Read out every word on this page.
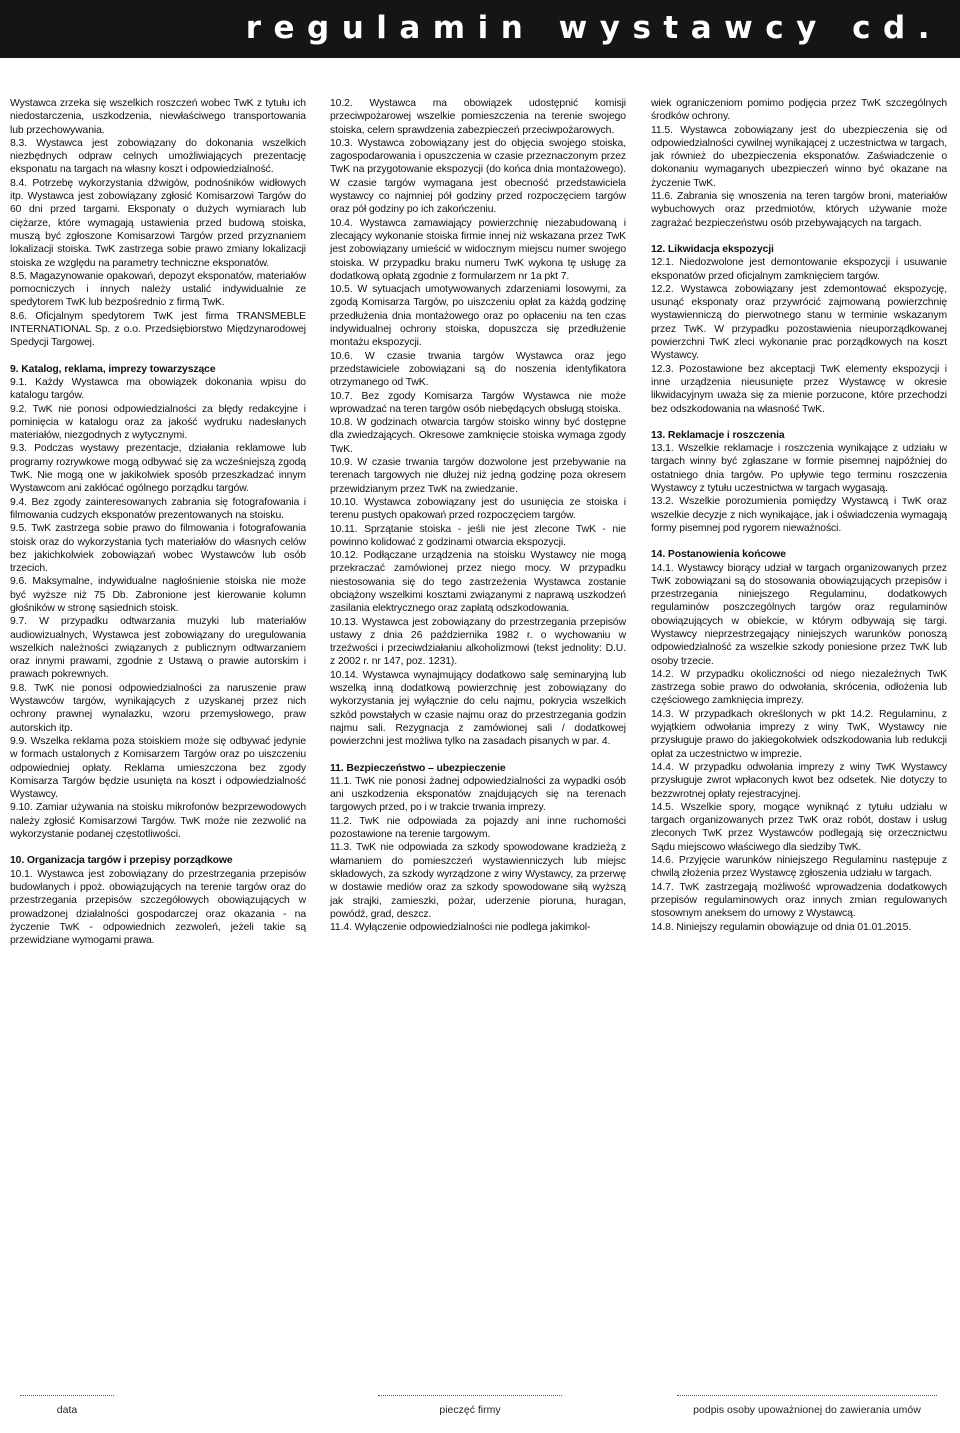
regulamin wystawcy cd.

Wystawca zrzeka się wszelkich roszczeń wobec TwK z tytułu ich niedostarczenia, uszkodzenia, niewłaściwego transportowania lub przechowywania.

8.3. Wystawca jest zobowiązany do dokonania wszelkich niezbędnych odpraw celnych umożliwiających prezentację eksponatu na targach na własny koszt i odpowiedzialność.

8.4. Potrzebę wykorzystania dźwigów, podnośników widłowych itp. Wystawca jest zobowiązany zgłosić Komisarzowi Targów do 60 dni przed targami. Eksponaty o dużych wymiarach lub ciężarze, które wymagają ustawienia przed budową stoiska, muszą być zgłoszone Komisarzowi Targów przed przyznaniem lokalizacji stoiska. TwK zastrzega sobie prawo zmiany lokalizacji stoiska ze względu na parametry techniczne eksponatów.

8.5. Magazynowanie opakowań, depozyt eksponatów, materiałów pomocniczych i innych należy ustalić indywidualnie ze spedytorem TwK lub bezpośrednio z firmą TwK.

8.6. Oficjalnym spedytorem TwK jest firma TRANSMEBLE INTERNATIONAL Sp. z o.o. Przedsiębiorstwo Międzynarodowej Spedycji Targowej.

9. Katalog, reklama, imprezy towarzyszące

9.1. Każdy Wystawca ma obowiązek dokonania wpisu do katalogu targów.

9.2. TwK nie ponosi odpowiedzialności za błędy redakcyjne i pominięcia w katalogu oraz za jakość wydruku nadesłanych materiałów, niezgodnych z wytycznymi.

9.3. Podczas wystawy prezentacje, działania reklamowe lub programy rozrywkowe mogą odbywać się za wcześniejszą zgodą TwK. Nie mogą one w jakikolwiek sposób przeszkadzać innym Wystawcom ani zakłócać ogólnego porządku targów.

9.4. Bez zgody zainteresowanych zabrania się fotografowania i filmowania cudzych eksponatów prezentowanych na stoisku.

9.5. TwK zastrzega sobie prawo do filmowania i fotografowania stoisk oraz do wykorzystania tych materiałów do własnych celów bez jakichkolwiek zobowiązań wobec Wystawców lub osób trzecich.

9.6. Maksymalne, indywidualne nagłośnienie stoiska nie może być wyższe niż 75 Db. Zabronione jest kierowanie kolumn głośników w stronę sąsiednich stoisk.

9.7. W przypadku odtwarzania muzyki lub materiałów audiowizualnych, Wystawca jest zobowiązany do uregulowania wszelkich należności związanych z publicznym odtwarzaniem oraz innymi prawami, zgodnie z Ustawą o prawie autorskim i prawach pokrewnych.

9.8. TwK nie ponosi odpowiedzialności za naruszenie praw Wystawców targów, wynikających z uzyskanej przez nich ochrony prawnej wynalazku, wzoru przemysłowego, praw autorskich itp.

9.9. Wszelka reklama poza stoiskiem może się odbywać jedynie w formach ustalonych z Komisarzem Targów oraz po uiszczeniu odpowiedniej opłaty. Reklama umieszczona bez zgody Komisarza Targów będzie usunięta na koszt i odpowiedzialność Wystawcy.

9.10. Zamiar używania na stoisku mikrofonów bezprzewodowych należy zgłosić Komisarzowi Targów. TwK może nie zezwolić na wykorzystanie podanej częstotliwości.

10. Organizacja targów i przepisy porządkowe

10.1. Wystawca jest zobowiązany do przestrzegania przepisów budowlanych i ppoż. obowiązujących na terenie targów oraz do przestrzegania przepisów szczegółowych obowiązujących w prowadzonej działalności gospodarczej oraz okazania - na życzenie TwK - odpowiednich zezwoleń, jeżeli takie są przewidziane wymogami prawa.

10.2. Wystawca ma obowiązek udostępnić komisji przeciwpożarowej wszelkie pomieszczenia na terenie swojego stoiska, celem sprawdzenia zabezpieczeń przeciwpożarowych.

10.3. Wystawca zobowiązany jest do objęcia swojego stoiska, zagospodarowania i opuszczenia w czasie przeznaczonym przez TwK na przygotowanie ekspozycji (do końca dnia montażowego). W czasie targów wymagana jest obecność przedstawiciela wystawcy co najmniej pół godziny przed rozpoczęciem targów oraz pół godziny po ich zakończeniu.

10.4. Wystawca zamawiający powierzchnię niezabudowaną i zlecający wykonanie stoiska firmie innej niż wskazana przez TwK jest zobowiązany umieścić w widocznym miejscu numer swojego stoiska. W przypadku braku numeru TwK wykona tę usługę za dodatkową opłatą zgodnie z formularzem nr 1a pkt 7.

10.5. W sytuacjach umotywowanych zdarzeniami losowymi, za zgodą Komisarza Targów, po uiszczeniu opłat za każdą godzinę przedłużenia dnia montażowego oraz po opłaceniu na ten czas indywidualnej ochrony stoiska, dopuszcza się przedłużenie montażu ekspozycji.

10.6. W czasie trwania targów Wystawca oraz jego przedstawiciele zobowiązani są do noszenia identyfikatora otrzymanego od TwK.

10.7. Bez zgody Komisarza Targów Wystawca nie może wprowadzać na teren targów osób niebędących obsługą stoiska.

10.8. W godzinach otwarcia targów stoisko winny być dostępne dla zwiedzających. Okresowe zamknięcie stoiska wymaga zgody TwK.

10.9. W czasie trwania targów dozwolone jest przebywanie na terenach targowych nie dłużej niż jedną godzinę poza okresem przewidzianym przez TwK na zwiedzanie.

10.10. Wystawca zobowiązany jest do usunięcia ze stoiska i terenu pustych opakowań przed rozpoczęciem targów.

10.11. Sprzątanie stoiska - jeśli nie jest zlecone TwK - nie powinno kolidować z godzinami otwarcia ekspozycji.

10.12. Podłączane urządzenia na stoisku Wystawcy nie mogą przekraczać zamówionej przez niego mocy. W przypadku niestosowania się do tego zastrzeżenia Wystawca zostanie obciążony wszelkimi kosztami związanymi z naprawą uszkodzeń zasilania elektrycznego oraz zapłatą odszkodowania.

10.13. Wystawca jest zobowiązany do przestrzegania przepisów ustawy z dnia 26 października 1982 r. o wychowaniu w trzeźwości i przeciwdziałaniu alkoholizmowi (tekst jednolity: D.U. z 2002 r. nr 147, poz. 1231).

10.14. Wystawca wynajmujący dodatkowo salę seminaryjną lub wszelką inną dodatkową powierzchnię jest zobowiązany do wykorzystania jej wyłącznie do celu najmu, pokrycia wszelkich szkód powstałych w czasie najmu oraz do przestrzegania godzin najmu sali. Rezygnacja z zamówionej sali / dodatkowej powierzchni jest możliwa tylko na zasadach pisanych w par. 4.

11. Bezpieczeństwo – ubezpieczenie

11.1. TwK nie ponosi żadnej odpowiedzialności za wypadki osób ani uszkodzenia eksponatów znajdujących się na terenach targowych przed, po i w trakcie trwania imprezy.

11.2. TwK nie odpowiada za pojazdy ani inne ruchomości pozostawione na terenie targowym.

11.3. TwK nie odpowiada za szkody spowodowane kradzieżą z włamaniem do pomieszczeń wystawienniczych lub miejsc składowych, za szkody wyrządzone z winy Wystawcy, za przerwę w dostawie mediów oraz za szkody spowodowane siłą wyższą jak strajki, zamieszki, pożar, uderzenie pioruna, huragan, powódź, grad, deszcz.

11.4. Wyłączenie odpowiedzialności nie podlega jakimkol-

wiek ograniczeniom pomimo podjęcia przez TwK szczególnych środków ochrony.

11.5. Wystawca zobowiązany jest do ubezpieczenia się od odpowiedzialności cywilnej wynikającej z uczestnictwa w targach, jak również do ubezpieczenia eksponatów. Zaświadczenie o dokonaniu wymaganych ubezpieczeń winno być okazane na życzenie TwK.

11.6. Zabrania się wnoszenia na teren targów broni, materiałów wybuchowych oraz przedmiotów, których używanie może zagrażać bezpieczeństwu osób przebywających na targach.

12. Likwidacja ekspozycji

12.1. Niedozwolone jest demontowanie ekspozycji i usuwanie eksponatów przed oficjalnym zamknięciem targów.

12.2. Wystawca zobowiązany jest zdemontować ekspozycję, usunąć eksponaty oraz przywrócić zajmowaną powierzchnię wystawienniczą do pierwotnego stanu w terminie wskazanym przez TwK. W przypadku pozostawienia nieuporządkowanej powierzchni TwK zleci wykonanie prac porządkowych na koszt Wystawcy.

12.3. Pozostawione bez akceptacji TwK elementy ekspozycji i inne urządzenia nieusunięte przez Wystawcę w okresie likwidacyjnym uważa się za mienie porzucone, które przechodzi bez odszkodowania na własność TwK.

13. Reklamacje i roszczenia

13.1. Wszelkie reklamacje i roszczenia wynikające z udziału w targach winny być zgłaszane w formie pisemnej najpóźniej do ostatniego dnia targów. Po upływie tego terminu roszczenia Wystawcy z tytułu uczestnictwa w targach wygasają.

13.2. Wszelkie porozumienia pomiędzy Wystawcą i TwK oraz wszelkie decyzje z nich wynikające, jak i oświadczenia wymagają formy pisemnej pod rygorem nieważności.

14. Postanowienia końcowe

14.1. Wystawcy biorący udział w targach organizowanych przez TwK zobowiązani są do stosowania obowiązujących przepisów i przestrzegania niniejszego Regulaminu, dodatkowych regulaminów poszczególnych targów oraz regulaminów obowiązujących w obiekcie, w którym odbywają się targi. Wystawcy nieprzestrzegający niniejszych warunków ponoszą odpowiedzialność za wszelkie szkody poniesione przez TwK lub osoby trzecie.

14.2. W przypadku okoliczności od niego niezależnych TwK zastrzega sobie prawo do odwołania, skrócenia, odłożenia lub częściowego zamknięcia imprezy.

14.3. W przypadkach określonych w pkt 14.2. Regulaminu, z wyjątkiem odwołania imprezy z winy TwK, Wystawcy nie przysługuje prawo do jakiegokolwiek odszkodowania lub redukcji opłat za uczestnictwo w imprezie.

14.4. W przypadku odwołania imprezy z winy TwK Wystawcy przysługuje zwrot wpłaconych kwot bez odsetek. Nie dotyczy to bezzwrotnej opłaty rejestracyjnej.

14.5. Wszelkie spory, mogące wyniknąć z tytułu udziału w targach organizowanych przez TwK oraz robót, dostaw i usług zleconych TwK przez Wystawców podlegają się orzecznictwu Sądu miejscowo właściwego dla siedziby TwK.

14.6. Przyjęcie warunków niniejszego Regulaminu następuje z chwilą złożenia przez Wystawcę zgłoszenia udziału w targach.

14.7. TwK zastrzegają możliwość wprowadzenia dodatkowych przepisów regulaminowych oraz innych zmian regulowanych stosownym aneksem do umowy z Wystawcą.

14.8. Niniejszy regulamin obowiązuje od dnia 01.01.2015.

data	pieczęć firmy	podpis osoby upoważnionej do zawierania umów
